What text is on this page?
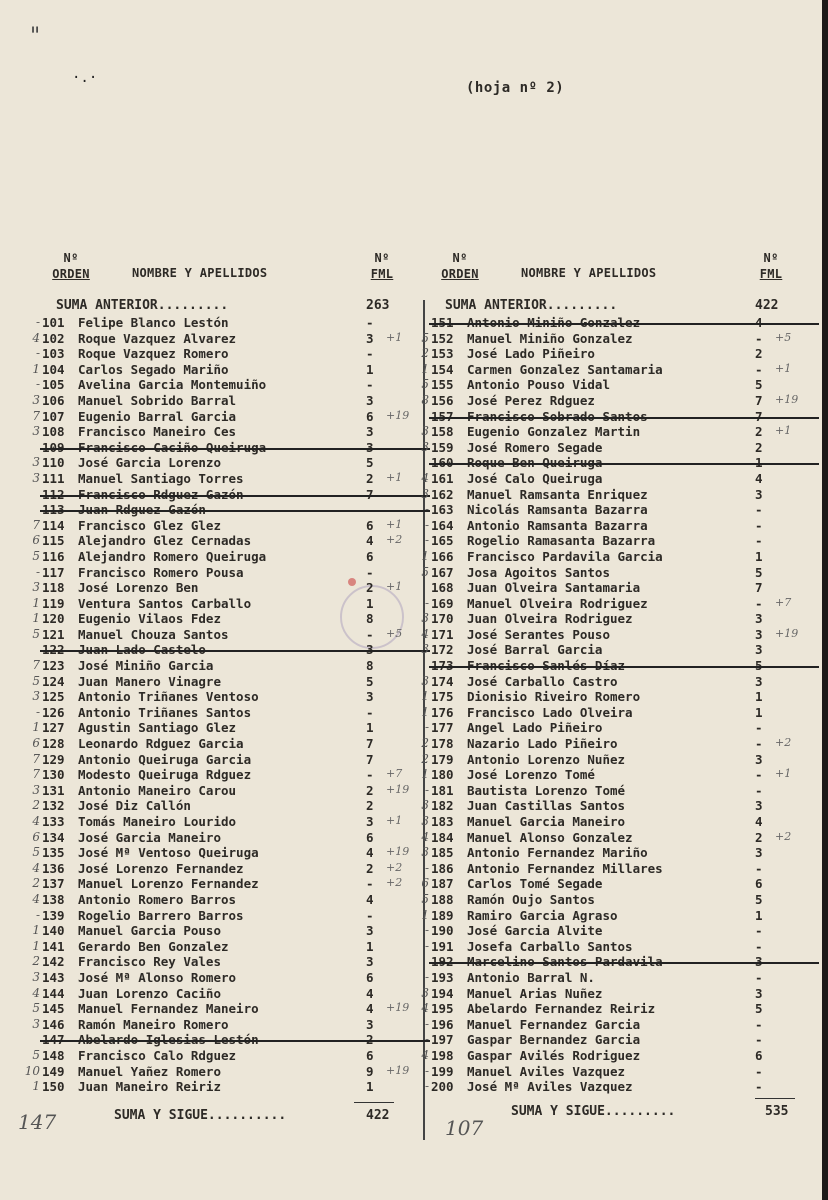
"
·.·
(hoja nº 2)
Nº
ORDEN	NOMBRE Y APELLIDOS
Nº
FML
SUMA ANTERIOR.........	263
- 101	Felipe Blanco Lestón	-
4 102	Roque Vazquez Alvarez	3	+1
- 103	Roque Vazquez Romero	-
1 104	Carlos Segado Mariño	1
- 105	Avelina Garcia Montemuiño	-
3 106	Manuel Sobrido Barral	3
7 107	Eugenio Barral Garcia	6	+19
3 108	Francisco Maneiro Ces	3
109	Francisco Caciño Queiruga	3
3 110	José Garcia Lorenzo	5
3 111	Manuel Santiago Torres	2	+1
112	Francisco Rdguez Gazón	7
113	Juan Rdguez Gazón
7 114	Francisco Glez Glez	6	+1
6 115	Alejandro Glez Cernadas	4	+2
5 116	Alejandro Romero Queiruga	6
- 117	Francisco Romero Pousa	-
3 118	José Lorenzo Ben	2	+1
1 119	Ventura Santos Carballo	1
1 120	Eugenio Vilaos Fdez	8
5 121	Manuel Chouza Santos	-	+5
122	Juan Lado Castelo	3
7 123	José Miniño Garcia	8
5 124	Juan Manero Vinagre	5
3 125	Antonio Triñanes Ventoso	3
- 126	Antonio Triñanes Santos	-
1 127	Agustin Santiago Glez	1
6 128	Leonardo Rdguez Garcia	7
7 129	Antonio Queiruga Garcia	7
7 130	Modesto Queiruga Rdguez	-	+7
3 131	Antonio Maneiro Carou	2	+19
2 132	José Diz Callón	2
4 133	Tomás Maneiro Lourido	3	+1
6 134	José Garcia Maneiro	6
5 135	José Mª Ventoso Queiruga	4	+19
4 136	José Lorenzo Fernandez	2	+2
2 137	Manuel Lorenzo Fernandez	-	+2
4 138	Antonio Romero Barros	4
- 139	Rogelio Barrero Barros	-
1 140	Manuel Garcia Pouso	3
1 141	Gerardo Ben Gonzalez	1
2 142	Francisco Rey Vales	3
3 143	José Mª Alonso Romero	6
4 144	Juan Lorenzo Caciño	4
5 145	Manuel Fernandez Maneiro	4	+19
3 146	Ramón Maneiro Romero	3
147	Abelardo Iglesias Lestón	2
5 148	Francisco Calo Rdguez	6
10 149	Manuel Yañez Romero	9	+19
1 150	Juan Maneiro Reiriz	1
SUMA Y SIGUE..........	422
147
Nº
ORDEN	NOMBRE Y APELLIDOS
Nº
FML
SUMA ANTERIOR.........	422
151	Antonio Miniño Gonzalez	4
5 152	Manuel Miniño Gonzalez	-	+5
2 153	José Lado Piñeiro	2
1 154	Carmen Gonzalez Santamaria	-	+1
5 155	Antonio Pouso Vidal	5
8 156	José Perez Rdguez	7	+19
157	Francisco Sobrado Santos	7
3 158	Eugenio Gonzalez Martin	2	+1
3 159	José Romero Segade	2
160	Roque Ben Queiruga	1
4 161	José Calo Queiruga	4
3 162	Manuel Ramsanta Enriquez	3
- 163	Nicolás Ramsanta Bazarra	-
- 164	Antonio Ramsanta Bazarra	-
- 165	Rogelio Ramasanta Bazarra	-
1 166	Francisco Pardavila Garcia	1
5 167	Josa Agoitos Santos	5
168	Juan Olveira Santamaria	7
- 169	Manuel Olveira Rodriguez	-	+7
3 170	Juan Olveira Rodriguez	3
4 171	José Serantes Pouso	3	+19
3 172	José Barral Garcia	3
173	Francisco Sanlés Díaz	5
3 174	José Carballo Castro	3
1 175	Dionisio Riveiro Romero	1
1 176	Francisco Lado Olveira	1
- 177	Angel Lado Piñeiro	-
2 178	Nazario Lado Piñeiro	-	+2
2 179	Antonio Lorenzo Nuñez	3
1 180	José Lorenzo Tomé	-	+1
- 181	Bautista Lorenzo Tomé	-
3 182	Juan Castillas Santos	3
3 183	Manuel Garcia Maneiro	4
4 184	Manuel Alonso Gonzalez	2	+2
3 185	Antonio Fernandez Mariño	3
- 186	Antonio Fernandez Millares	-
6 187	Carlos Tomé Segade	6
5 188	Ramón Oujo Santos	5
1 189	Ramiro Garcia Agraso	1
- 190	José Garcia Alvite	-
- 191	Josefa Carballo Santos	-
192	Marcelino Santos Pardavila	3
- 193	Antonio Barral N.	-
3 194	Manuel Arias Nuñez	3
4 195	Abelardo Fernandez Reiriz	5
- 196	Manuel Fernandez Garcia	-
- 197	Gaspar Bernandez Garcia	-
4 198	Gaspar Avilés Rodriguez	6
- 199	Manuel Aviles Vazquez	-
- 200	José Mª Aviles Vazquez	-
SUMA Y SIGUE.........	535
107
